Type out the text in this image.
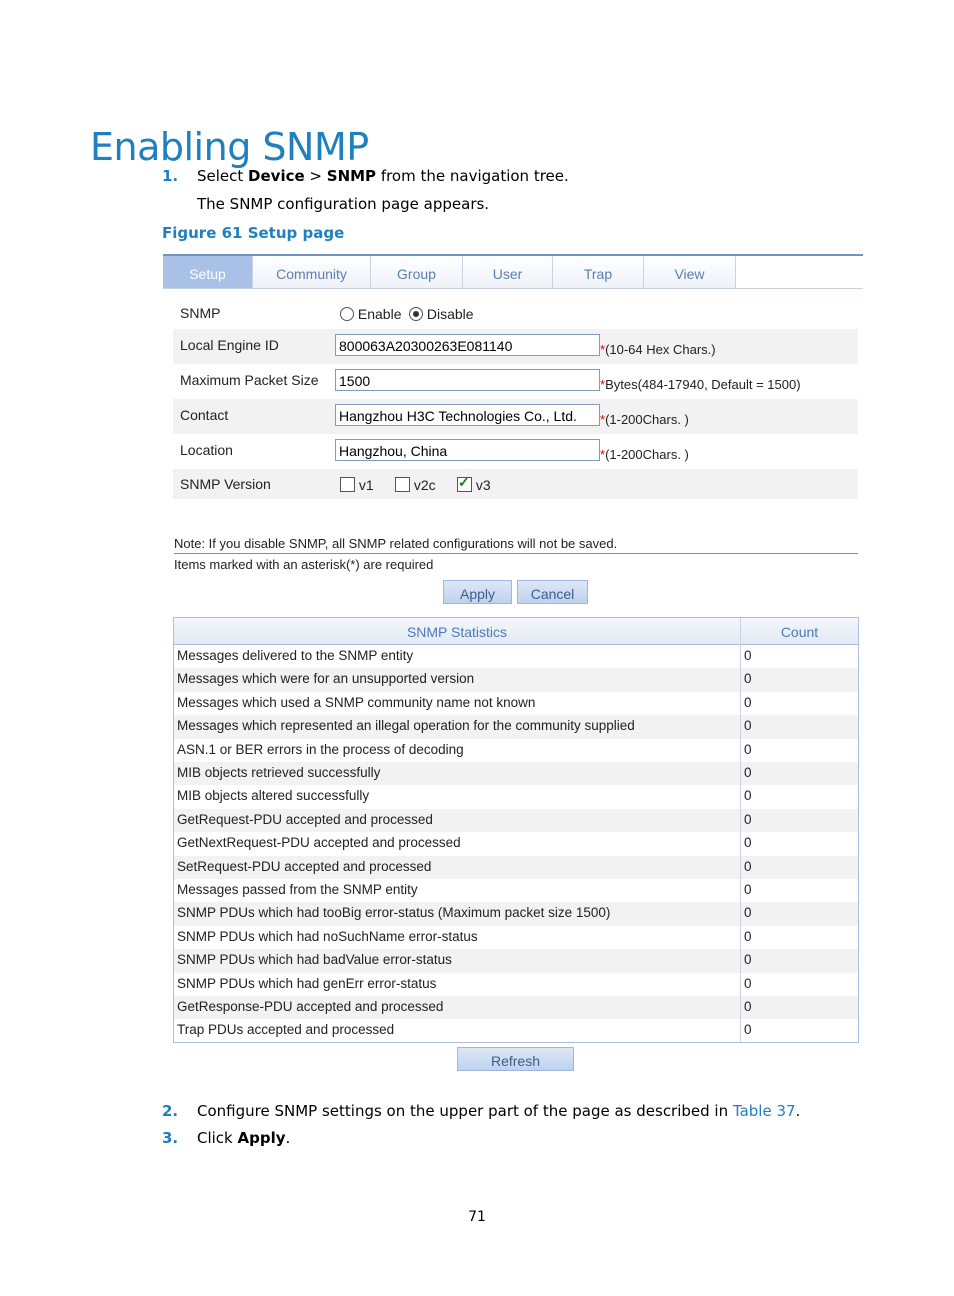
Enabling SNMP
1. Select Device > SNMP from the navigation tree.
The SNMP configuration page appears.
Figure 61 Setup page
Setup	Community	Group	User	Trap	View
SNMP	Enable	Disable
Local Engine ID	800063A20300263E081140	*(10-64 Hex Chars.)
Maximum Packet Size 1500	*Bytes(484-17940, Default = 1500)
Contact	Hangzhou H3C Technologies Co., Ltd.	*(1-200Chars. )
Location	Hangzhou, China	*(1-200Chars. )
SNMP Version	v1	v2c ✓	v3
Note: If you disable SNMP, all SNMP related configurations will not be saved.
Items marked with an asterisk(*) are required
Apply	Cancel
SNMP Statistics	Count
Messages delivered to the SNMP entity	0
Messages which were for an unsupported version	0
Messages which used a SNMP community name not known	0
Messages which represented an illegal operation for the community supplied	0
ASN.1 or BER errors in the process of decoding	0
MIB objects retrieved successfully	0
MIB objects altered successfully	0
GetRequest-PDU accepted and processed	0
GetNextRequest-PDU accepted and processed	0
SetRequest-PDU accepted and processed	0
Messages passed from the SNMP entity	0
SNMP PDUs which had tooBig error-status (Maximum packet size 1500)	0
SNMP PDUs which had noSuchName error-status	0
SNMP PDUs which had badValue error-status	0
SNMP PDUs which had genErr error-status	0
GetResponse-PDU accepted and processed	0
Trap PDUs accepted and processed	0
Refresh
2. Configure SNMP settings on the upper part of the page as described in Table 37.
3. Click Apply.
71
